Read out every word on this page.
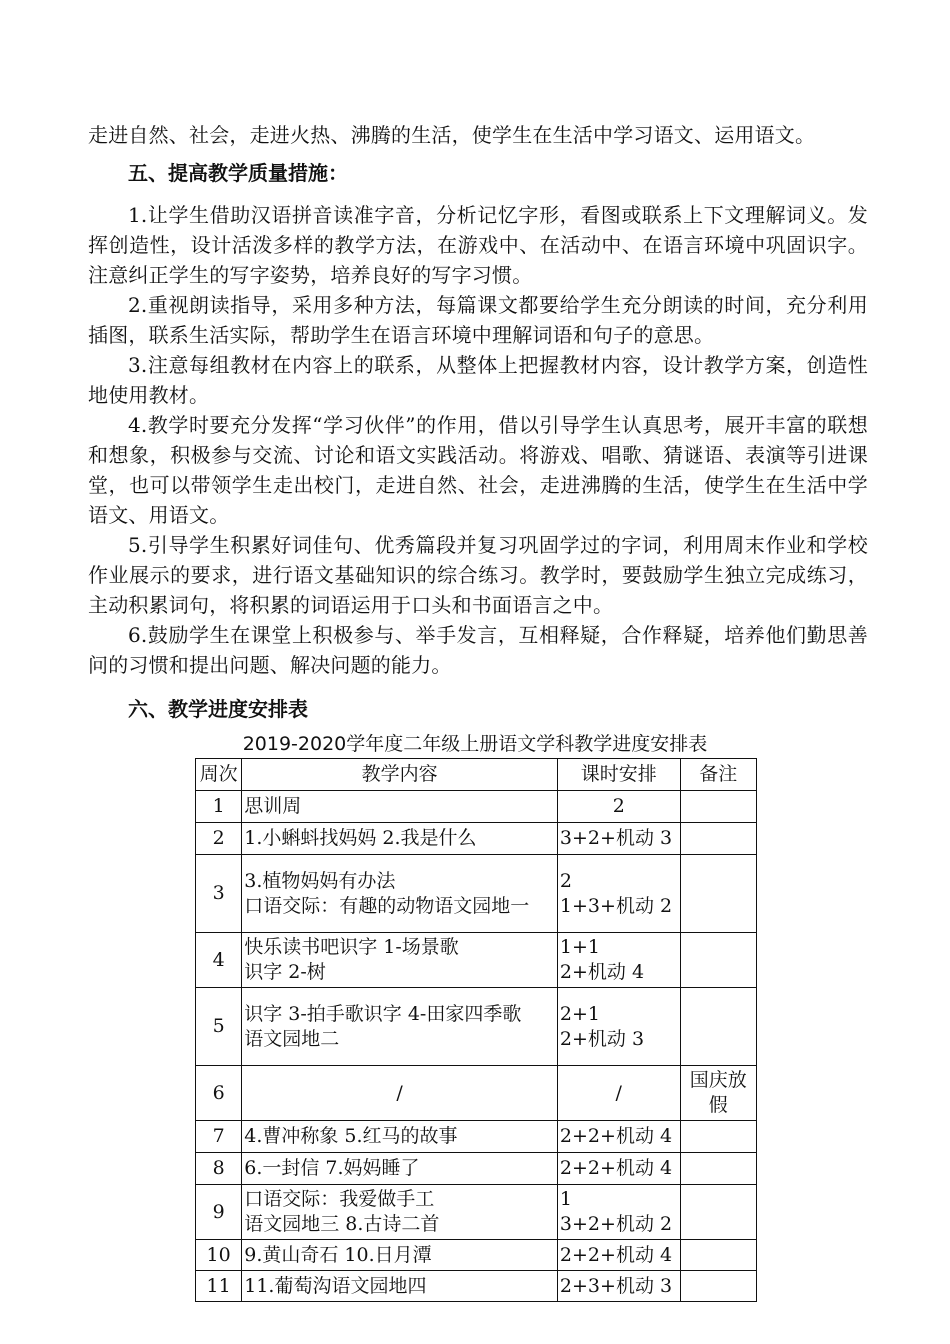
走进自然、社会，走进火热、沸腾的生活，使学生在生活中学习语文、运用语文。

五、提高教学质量措施：

1.让学生借助汉语拼音读准字音，分析记忆字形，看图或联系上下文理解词义。发挥创造性，设计活泼多样的教学方法，在游戏中、在活动中、在语言环境中巩固识字。注意纠正学生的写字姿势，培养良好的写字习惯。

2.重视朗读指导，采用多种方法，每篇课文都要给学生充分朗读的时间，充分利用插图，联系生活实际，帮助学生在语言环境中理解词语和句子的意思。

3.注意每组教材在内容上的联系，从整体上把握教材内容，设计教学方案，创造性地使用教材。

4.教学时要充分发挥“学习伙伴”的作用，借以引导学生认真思考，展开丰富的联想和想象，积极参与交流、讨论和语文实践活动。将游戏、唱歌、猜谜语、表演等引进课堂，也可以带领学生走出校门，走进自然、社会，走进沸腾的生活，使学生在生活中学语文、用语文。

5.引导学生积累好词佳句、优秀篇段并复习巩固学过的字词，利用周末作业和学校作业展示的要求，进行语文基础知识的综合练习。教学时，要鼓励学生独立完成练习，主动积累词句，将积累的词语运用于口头和书面语言之中。

6.鼓励学生在课堂上积极参与、举手发言，互相释疑，合作释疑，培养他们勤思善问的习惯和提出问题、解决问题的能力。

六、教学进度安排表
2019-2020学年度二年级上册语文学科教学进度安排表
周次	教学内容	课时安排	备注
1	思训周	2	

2	1.小蝌蚪找妈妈 2.我是什么	3+2+机动 3	

3	3.植物妈妈有办法
口语交际：有趣的动物语文园地一	2
1+3+机动 2	

4	快乐读书吧识字 1-场景歌
识字 2-树	1+1
2+机动 4	

5	识字 3-拍手歌识字 4-田家四季歌
语文园地二	2+1
2+机动 3	

6	/	/	国庆放假
7	4.曹冲称象 5.红马的故事	2+2+机动 4	

8	6.一封信 7.妈妈睡了	2+2+机动 4	

9	口语交际：我爱做手工
语文园地三 8.古诗二首	1
3+2+机动 2	

10	9.黄山奇石 10.日月潭	2+2+机动 4	

11	11.葡萄沟语文园地四	2+3+机动 3	
